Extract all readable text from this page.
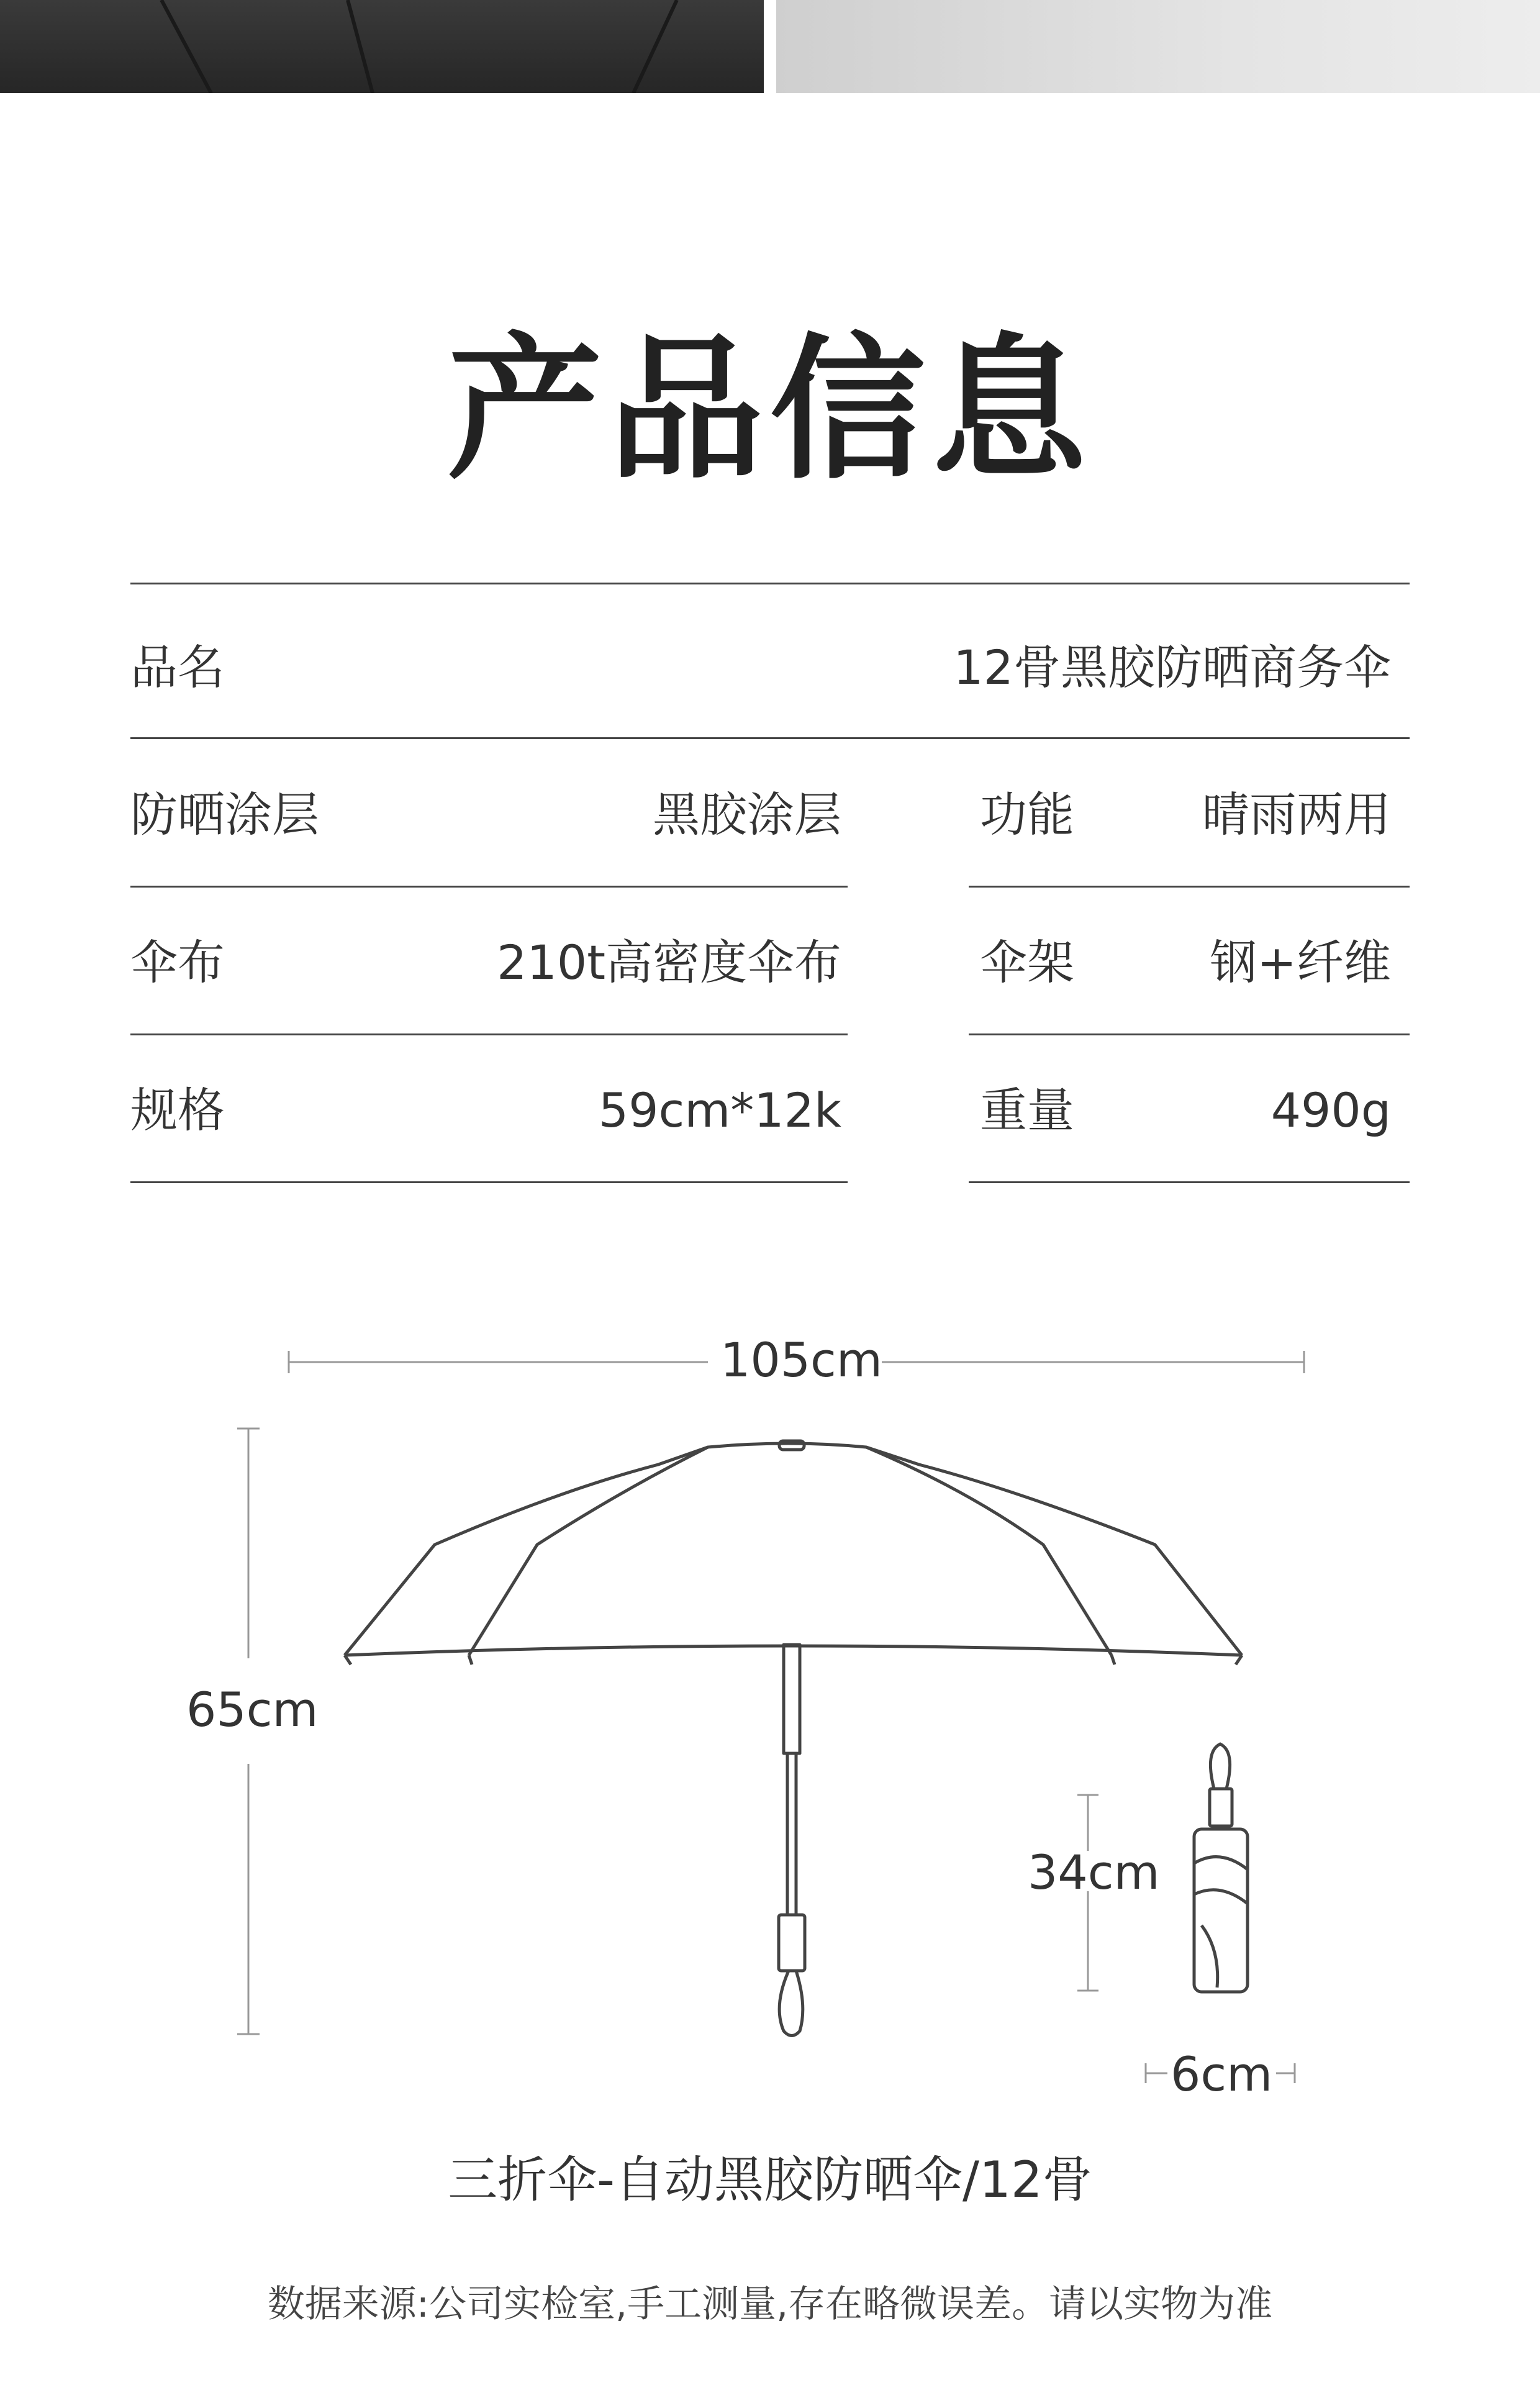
产品信息
品名	12骨黑胶防晒商务伞
防晒涂层	黑胶涂层	功能	晴雨两用
伞布	210t高密度伞布	伞架	钢+纤维
规格	59cm*12k	重量	490g
105cm
65cm
34cm
6cm
三折伞-自动黑胶防晒伞/12骨
数据来源:公司实检室,手工测量,存在略微误差。请以实物为准
